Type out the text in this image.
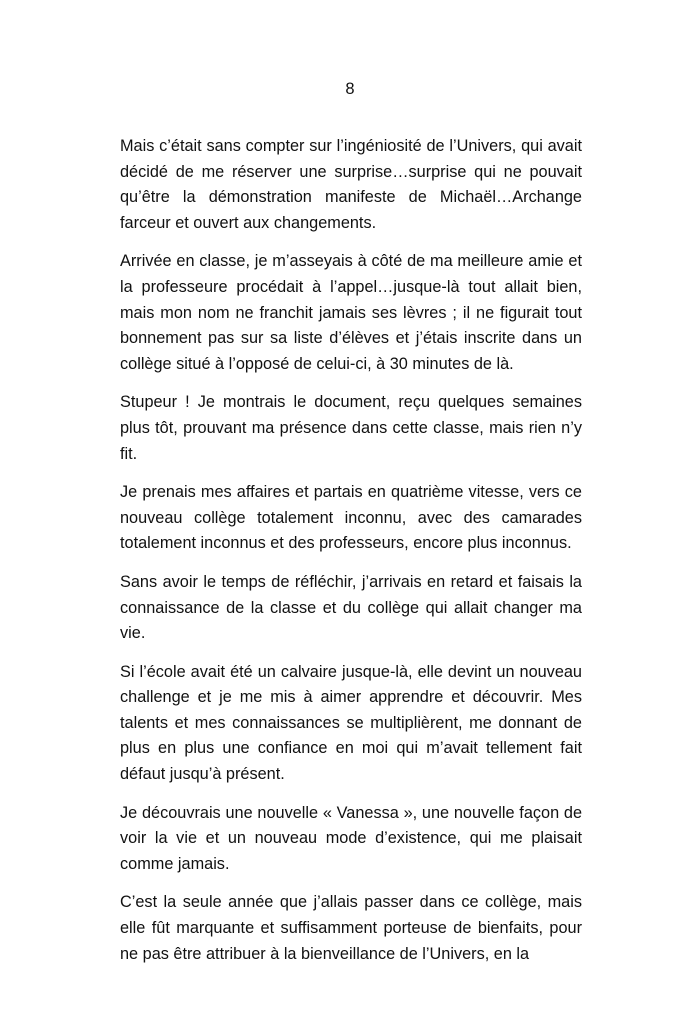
8

Mais c’était sans compter sur l’ingéniosité de l’Univers, qui avait décidé de me réserver une surprise…surprise qui ne pouvait qu’être la démonstration manifeste de Michaël…Archange farceur et ouvert aux changements.

Arrivée en classe, je m’asseyais à côté de ma meilleure amie et la professeure procédait à l’appel…jusque-là tout allait bien, mais mon nom ne franchit jamais ses lèvres ; il ne figurait tout bonnement pas sur sa liste d’élèves et j’étais inscrite dans un collège situé à l’opposé de celui-ci, à 30 minutes de là.

Stupeur ! Je montrais le document, reçu quelques semaines plus tôt, prouvant ma présence dans cette classe, mais rien n’y fit.

Je prenais mes affaires et partais en quatrième vitesse, vers ce nouveau collège totalement inconnu, avec des camarades totalement inconnus et des professeurs, encore plus inconnus.

Sans avoir le temps de réfléchir, j’arrivais en retard et faisais la connaissance de la classe et du collège qui allait changer ma vie.

Si l’école avait été un calvaire jusque-là, elle devint un nouveau challenge et je me mis à aimer apprendre et découvrir. Mes talents et mes connaissances se multiplièrent, me donnant de plus en plus une confiance en moi qui m’avait tellement fait défaut jusqu’à présent.

Je découvrais une nouvelle « Vanessa », une nouvelle façon de voir la vie et un nouveau mode d’existence, qui me plaisait comme jamais.

C’est la seule année que j’allais passer dans ce collège, mais elle fût marquante et suffisamment porteuse de bienfaits, pour ne pas être attribuer à la bienveillance de l’Univers, en la
